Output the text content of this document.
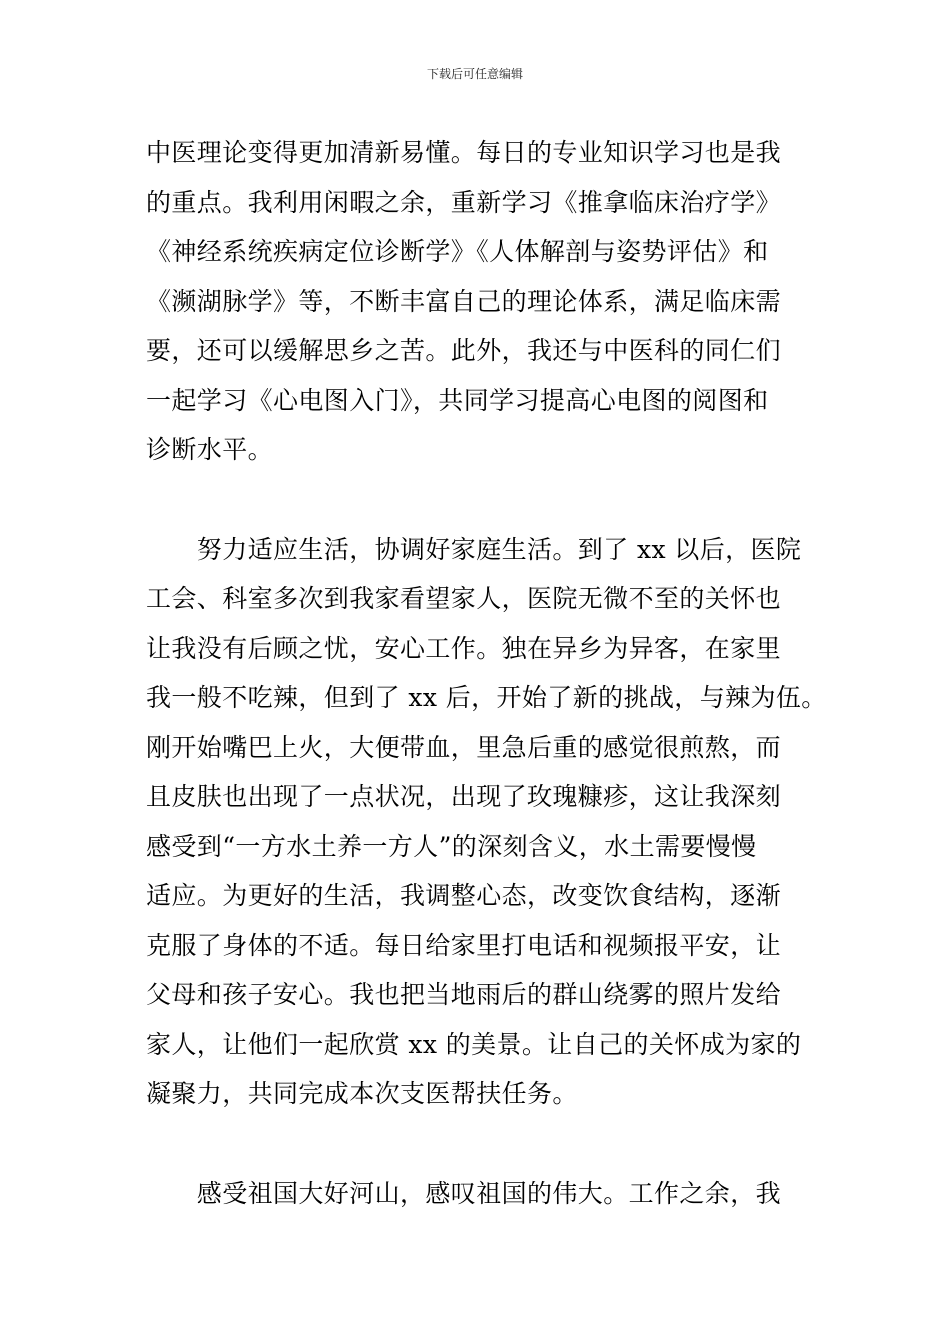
下载后可任意编辑
中医理论变得更加清新易懂。每日的专业知识学习也是我
的重点。我利用闲暇之余，重新学习《推拿临床治疗学》
《神经系统疾病定位诊断学》《人体解剖与姿势评估》和
《濒湖脉学》等，不断丰富自己的理论体系，满足临床需
要，还可以缓解思乡之苦。此外，我还与中医科的同仁们
一起学习《心电图入门》，共同学习提高心电图的阅图和
诊断水平。
　　努力适应生活，协调好家庭生活。到了 xx 以后，医院
工会、科室多次到我家看望家人，医院无微不至的关怀也
让我没有后顾之忧，安心工作。独在异乡为异客，在家里
我一般不吃辣，但到了 xx 后，开始了新的挑战，与辣为伍。
刚开始嘴巴上火，大便带血，里急后重的感觉很煎熬，而
且皮肤也出现了一点状况，出现了玫瑰糠疹，这让我深刻
感受到“一方水土养一方人”的深刻含义，水土需要慢慢
适应。为更好的生活，我调整心态，改变饮食结构，逐渐
克服了身体的不适。每日给家里打电话和视频报平安，让
父母和孩子安心。我也把当地雨后的群山绕雾的照片发给
家人，让他们一起欣赏 xx 的美景。让自己的关怀成为家的
凝聚力，共同完成本次支医帮扶任务。
　　感受祖国大好河山，感叹祖国的伟大。工作之余，我
